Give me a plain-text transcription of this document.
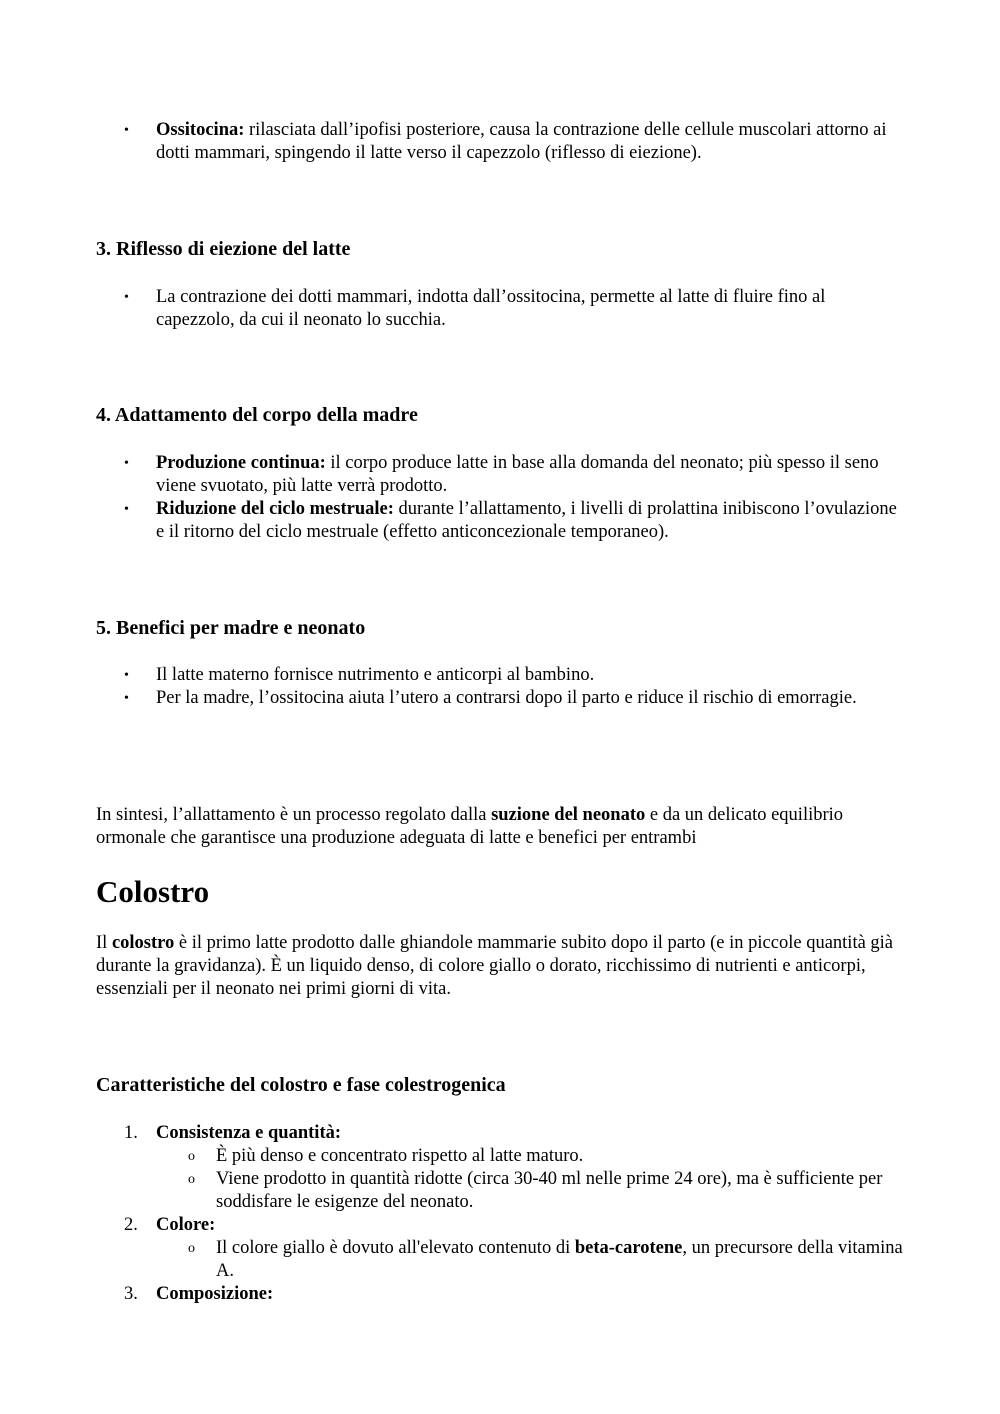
• Ossitocina: rilasciata dall’ipofisi posteriore, causa la contrazione delle cellule muscolari attorno ai dotti mammari, spingendo il latte verso il capezzolo (riflesso di eiezione).
3. Riflesso di eiezione del latte
• La contrazione dei dotti mammari, indotta dall’ossitocina, permette al latte di fluire fino al capezzolo, da cui il neonato lo succhia.
4. Adattamento del corpo della madre
• Produzione continua: il corpo produce latte in base alla domanda del neonato; più spesso il seno viene svuotato, più latte verrà prodotto.
• Riduzione del ciclo mestruale: durante l’allattamento, i livelli di prolattina inibiscono l’ovulazione e il ritorno del ciclo mestruale (effetto anticoncezionale temporaneo).
5. Benefici per madre e neonato
• Il latte materno fornisce nutrimento e anticorpi al bambino.
• Per la madre, l’ossitocina aiuta l’utero a contrarsi dopo il parto e riduce il rischio di emorragie.

In sintesi, l’allattamento è un processo regolato dalla suzione del neonato e da un delicato equilibrio ormonale che garantisce una produzione adeguata di latte e benefici per entrambi

Colostro

Il colostro è il primo latte prodotto dalle ghiandole mammarie subito dopo il parto (e in piccole quantità già durante la gravidanza). È un liquido denso, di colore giallo o dorato, ricchissimo di nutrienti e anticorpi, essenziali per il neonato nei primi giorni di vita.

Caratteristiche del colostro e fase colestrogenica
1. Consistenza e quantità:
o È più denso e concentrato rispetto al latte maturo.
o Viene prodotto in quantità ridotte (circa 30-40 ml nelle prime 24 ore), ma è sufficiente per soddisfare le esigenze del neonato.
2. Colore:
o Il colore giallo è dovuto all'elevato contenuto di beta-carotene, un precursore della vitamina A.
3. Composizione:
